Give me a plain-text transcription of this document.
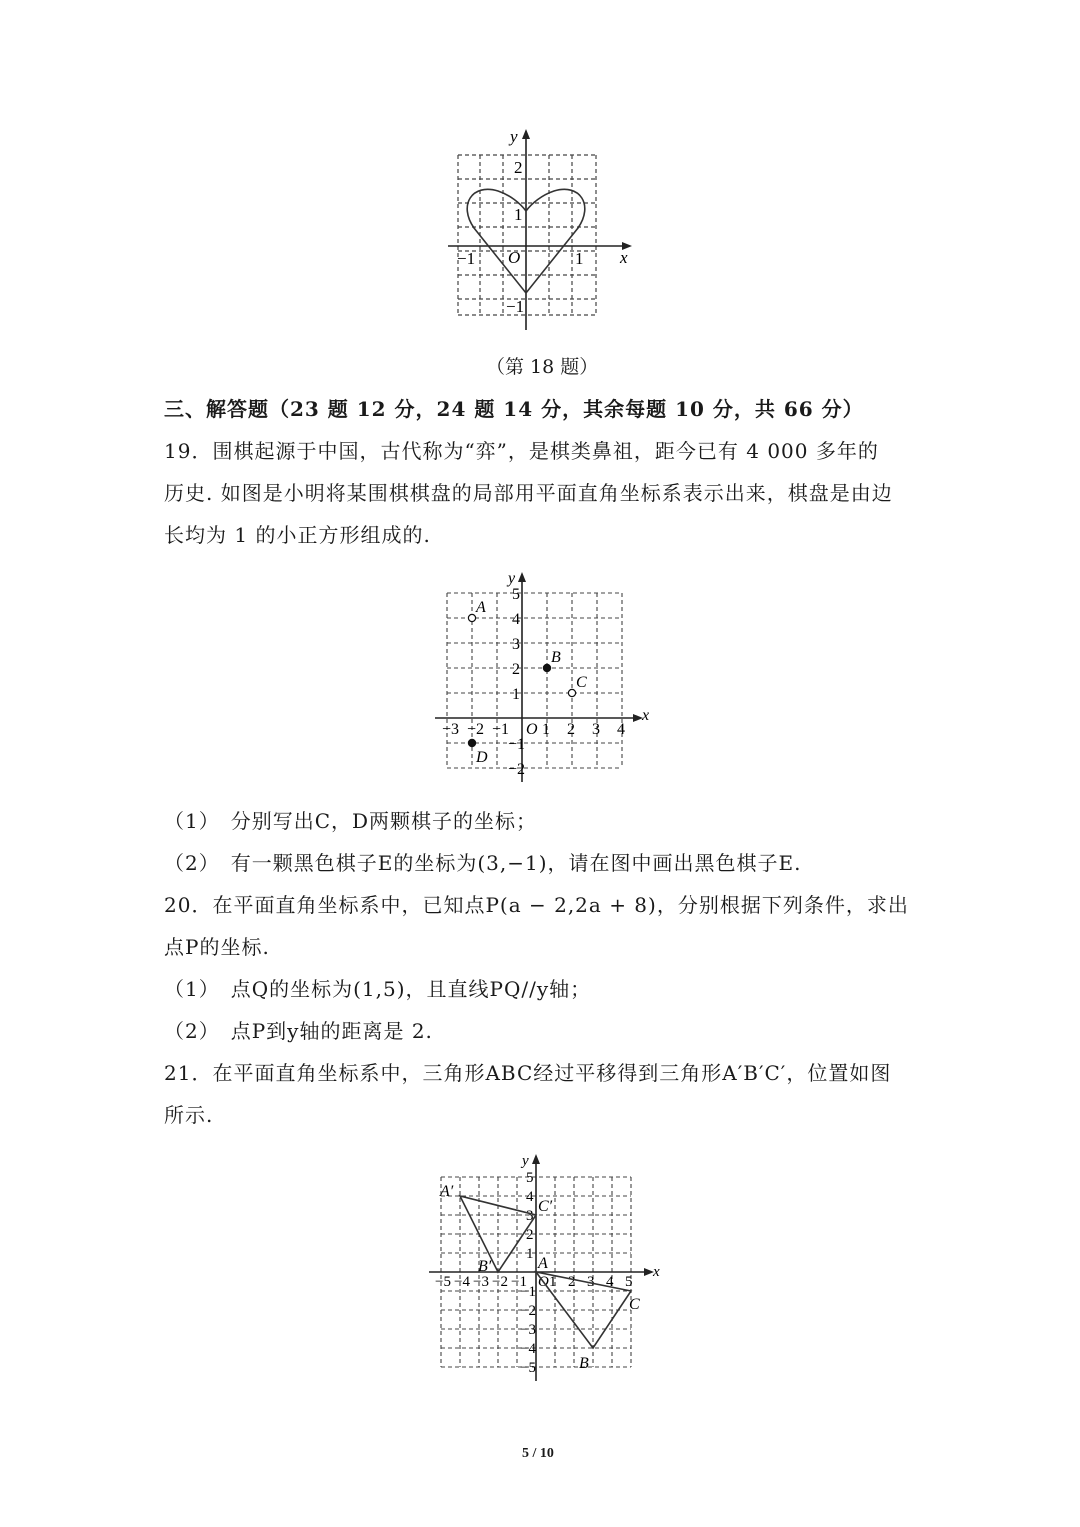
y
x
O
−1	1
1
2
−1
（第 18 题）
三、解答题（23 题 12 分，24 题 14 分，其余每题 10 分，共 66 分）
19．围棋起源于中国，古代称为“弈”，是棋类鼻祖，距今已有 4 000 多年的
历史. 如图是小明将某围棋棋盘的局部用平面直角坐标系表示出来，棋盘是由边
长均为 1 的小正方形组成的.
x
y
O
−3 −2 −1 1 2 3 4
5
4
3
2
1
−1
−2
A
B
C
D
（1）　分别写出C，D两颗棋子的坐标；
（2）　有一颗黑色棋子E的坐标为(3,−1)，请在图中画出黑色棋子E.
20．在平面直角坐标系中，已知点P(a − 2,2a + 8)，分别根据下列条件，求出
点P的坐标.
（1）　点Q的坐标为(1,5)，且直线PQ//y轴；
（2）　点P到y轴的距离是 2.
21．在平面直角坐标系中，三角形ABC经过平移得到三角形A′B′C′，位置如图
所示.
x
y
O
−5 −4 −3 −2 −1 1 2 3 4 5
5
4
3
2
1
−1
−2
−3
−4
−5
A
B
C
A′
B′
C′
5 / 10
